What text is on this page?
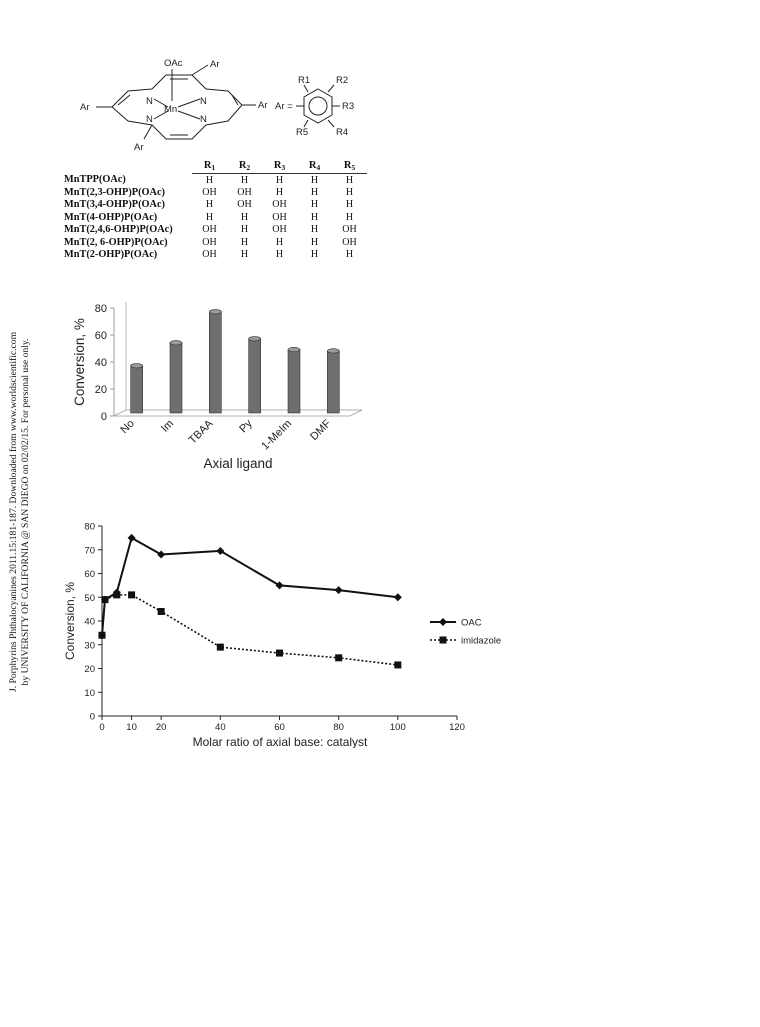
J. Porphyrins Phthalocyanines 2011.15:181-187. Downloaded from www.worldscientific.com by UNIVERSITY OF CALIFORNIA @ SAN DIEGO on 02/02/15. For personal use only.
OAc
Mn
N	N
N	N
Ar
Ar	Ar
Ar
Ar =
R1	R2
R3
R4
R5
	$R_1$	$R_2$	$R_3$	$R_4$	$R_5$
MnTPP(OAc)	H	H	H	H	H
MnT(2,3-OHP)P(OAc)	OH	OH	H	H	H
MnT(3,4-OHP)P(OAc)	H	OH	OH	H	H
MnT(4-OHP)P(OAc)	H	H	OH	H	H
MnT(2,4,6-OHP)P(OAc)	OH	H	OH	H	OH
MnT(2, 6-OHP)P(OAc)	OH	H	H	H	OH
MnT(2-OHP)P(OAc)	OH	H	H	H	H
0
20
40
60
80
No Im TBAA Py 1-MeIm DMF
Axial ligand
Conversion, %
0
10
20
30
40
50
60
70
80
0 10 20	40	60	80	100	120
OAC
imidazole
Molar ratio of axial base: catalyst
Conversion, %
